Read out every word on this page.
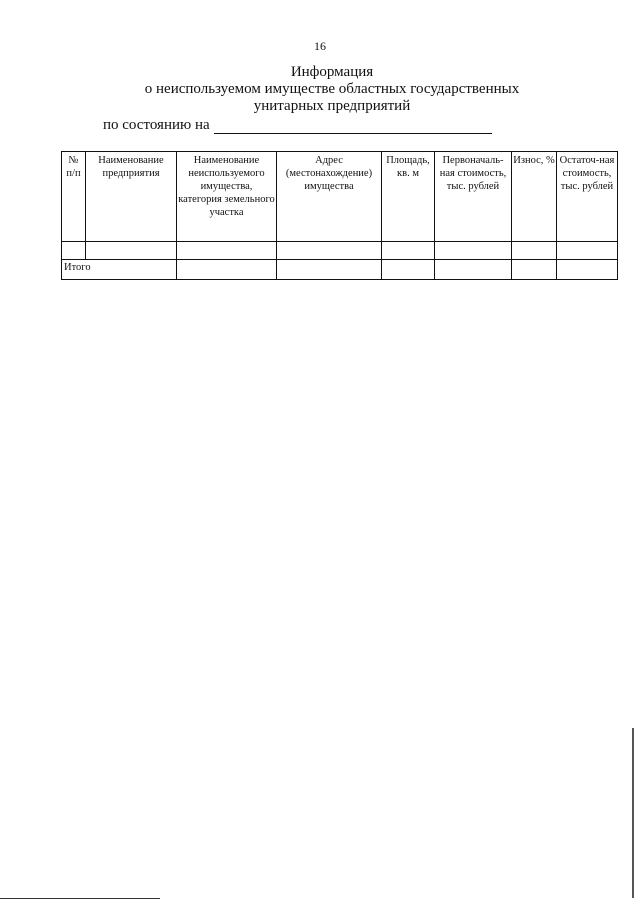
16
Информация
о неиспользуемом имуществе областных государственных
унитарных предприятий
по состоянию на
№ п/п	Наименование предприятия	Наименование неиспользуемого имущества, категория земельного участка	Адрес (местонахождение) имущества	Площадь, кв. м	Первоначаль-ная стоимость, тыс. рублей	Износ, %	Остаточ-ная стоимость, тыс. рублей

Итого							
